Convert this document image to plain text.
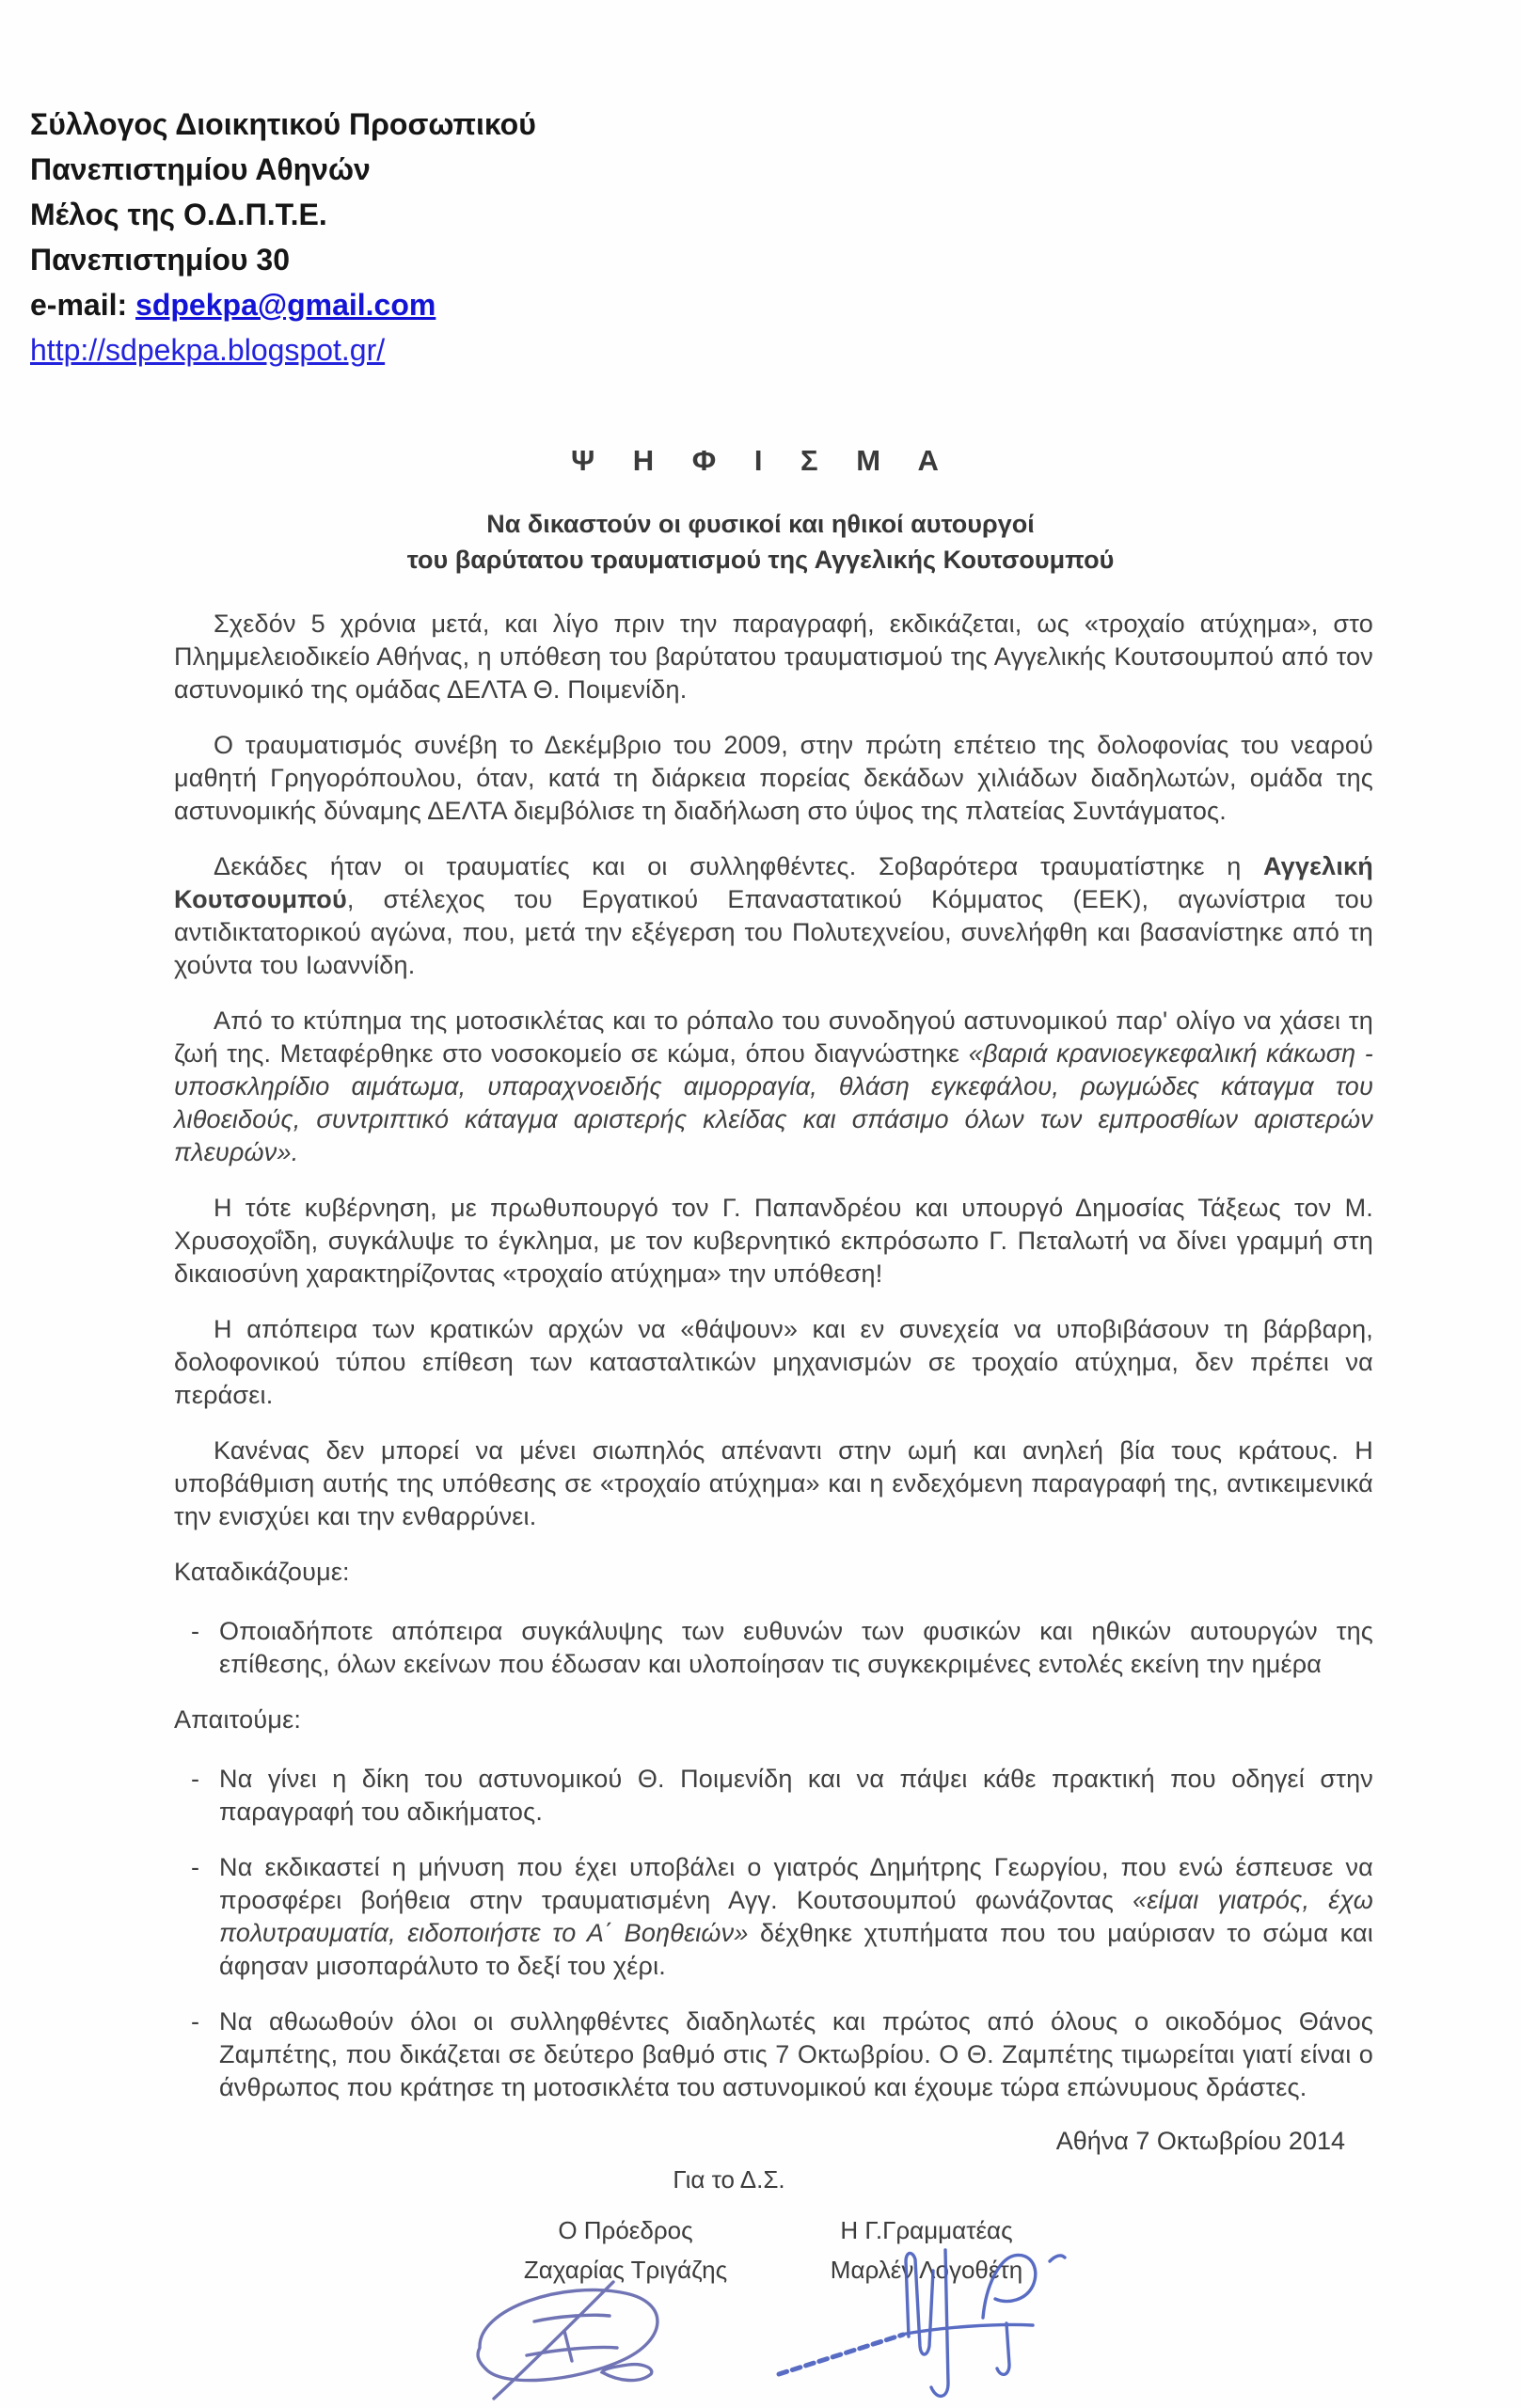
Σύλλογος Διοικητικού Προσωπικού
Πανεπιστημίου Αθηνών
Μέλος της Ο.Δ.Π.Τ.Ε.
Πανεπιστημίου 30
e-mail: sdpekpa@gmail.com
http://sdpekpa.blogspot.gr/
Ψ Η Φ Ι Σ Μ Α
Να δικαστούν οι φυσικοί και ηθικοί αυτουργοί
του βαρύτατου τραυματισμού της Αγγελικής Κουτσουμπού

Σχεδόν 5 χρόνια μετά, και λίγο πριν την παραγραφή, εκδικάζεται, ως «τροχαίο ατύχημα», στο Πλημμελειοδικείο Αθήνας, η υπόθεση του βαρύτατου τραυματισμού της Αγγελικής Κουτσουμπού από τον αστυνομικό της ομάδας ΔΕΛΤΑ Θ. Ποιμενίδη.

Ο τραυματισμός συνέβη το Δεκέμβριο του 2009, στην πρώτη επέτειο της δολοφονίας του νεαρού μαθητή Γρηγορόπουλου, όταν, κατά τη διάρκεια πορείας δεκάδων χιλιάδων διαδηλωτών, ομάδα της αστυνομικής δύναμης ΔΕΛΤΑ διεμβόλισε τη διαδήλωση στο ύψος της πλατείας Συντάγματος.

Δεκάδες ήταν οι τραυματίες και οι συλληφθέντες. Σοβαρότερα τραυματίστηκε η Αγγελική Κουτσουμπού, στέλεχος του Εργατικού Επαναστατικού Κόμματος (ΕΕΚ), αγωνίστρια του αντιδικτατορικού αγώνα, που, μετά την εξέγερση του Πολυτεχνείου, συνελήφθη και βασανίστηκε από τη χούντα του Ιωαννίδη.

Από το κτύπημα της μοτοσικλέτας και το ρόπαλο του συνοδηγού αστυνομικού παρ' ολίγο να χάσει τη ζωή της. Μεταφέρθηκε στο νοσοκομείο σε κώμα, όπου διαγνώστηκε «βαριά κρανιοεγκεφαλική κάκωση - υποσκληρίδιο αιμάτωμα, υπαραχνοειδής αιμορραγία, θλάση εγκεφάλου, ρωγμώδες κάταγμα του λιθοειδούς, συντριπτικό κάταγμα αριστερής κλείδας και σπάσιμο όλων των εμπροσθίων αριστερών πλευρών».

Η τότε κυβέρνηση, με πρωθυπουργό τον Γ. Παπανδρέου και υπουργό Δημοσίας Τάξεως τον Μ. Χρυσοχοΐδη, συγκάλυψε το έγκλημα, με τον κυβερνητικό εκπρόσωπο Γ. Πεταλωτή να δίνει γραμμή στη δικαιοσύνη χαρακτηρίζοντας «τροχαίο ατύχημα» την υπόθεση!

Η απόπειρα των κρατικών αρχών να «θάψουν» και εν συνεχεία να υποβιβάσουν τη βάρβαρη, δολοφονικού τύπου επίθεση των κατασταλτικών μηχανισμών σε τροχαίο ατύχημα, δεν πρέπει να περάσει.

Κανένας δεν μπορεί να μένει σιωπηλός απέναντι στην ωμή και ανηλεή βία τους κράτους. Η υποβάθμιση αυτής της υπόθεσης σε «τροχαίο ατύχημα» και η ενδεχόμενη παραγραφή της, αντικειμενικά την ενισχύει και την ενθαρρύνει.

Καταδικάζουμε:

- Οποιαδήποτε απόπειρα συγκάλυψης των ευθυνών των φυσικών και ηθικών αυτουργών της επίθεσης, όλων εκείνων που έδωσαν και υλοποίησαν τις συγκεκριμένες εντολές εκείνη την ημέρα

Απαιτούμε:

- Να γίνει η δίκη του αστυνομικού Θ. Ποιμενίδη και να πάψει κάθε πρακτική που οδηγεί στην παραγραφή του αδικήματος.
- Να εκδικαστεί η μήνυση που έχει υποβάλει ο γιατρός Δημήτρης Γεωργίου, που ενώ έσπευσε να προσφέρει βοήθεια στην τραυματισμένη Αγγ. Κουτσουμπού φωνάζοντας «είμαι γιατρός, έχω πολυτραυματία, ειδοποιήστε το Α΄ Βοηθειών» δέχθηκε χτυπήματα που του μαύρισαν το σώμα και άφησαν μισοπαράλυτο το δεξί του χέρι.
- Να αθωωθούν όλοι οι συλληφθέντες διαδηλωτές και πρώτος από όλους ο οικοδόμος Θάνος Ζαμπέτης, που δικάζεται σε δεύτερο βαθμό στις 7 Οκτωβρίου. Ο Θ. Ζαμπέτης τιμωρείται γιατί είναι ο άνθρωπος που κράτησε τη μοτοσικλέτα του αστυνομικού και έχουμε τώρα επώνυμους δράστες.
Αθήνα 7 Οκτωβρίου 2014
Για το Δ.Σ.
Ο Πρόεδρος
Ζαχαρίας Τριγάζης
Η Γ.Γραμματέας
Μαρλέν Λογοθέτη
